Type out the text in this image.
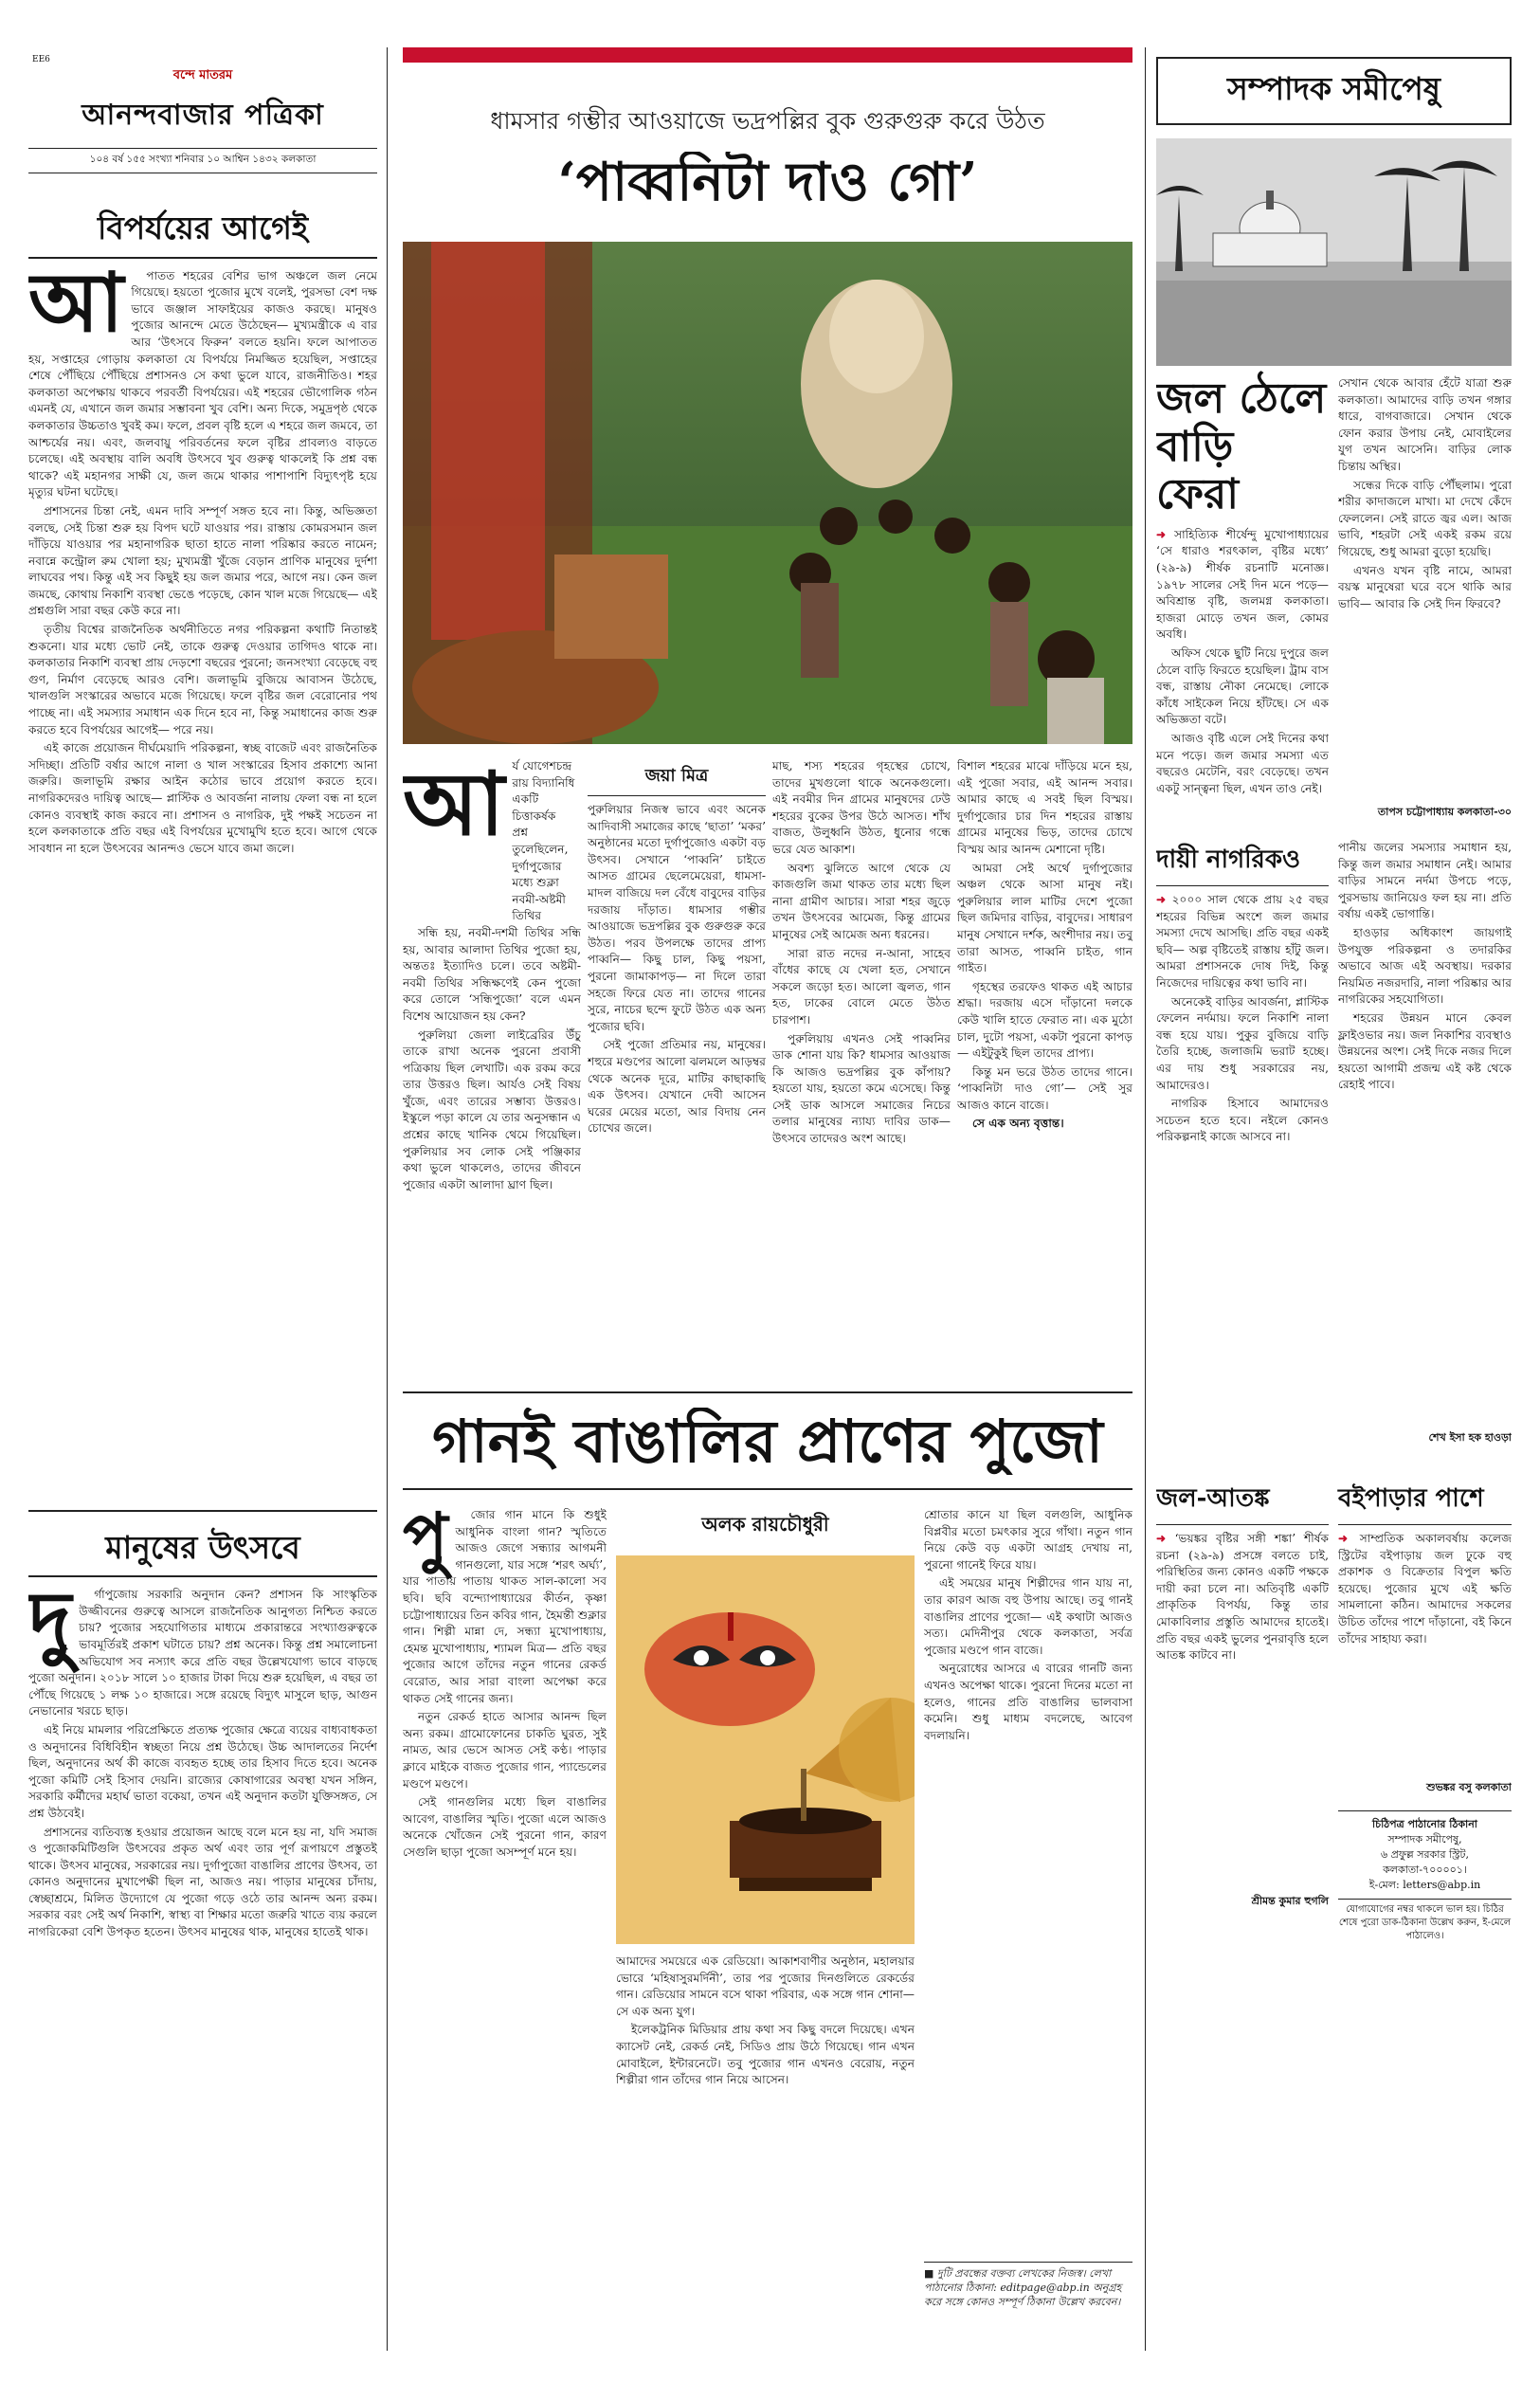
EE6
বন্দে মাতরম
আনন্দবাজার পত্রিকা
১০৪ বর্ষ ১৫৫ সংখ্যা শনিবার ১০ আশ্বিন ১৪৩২ কলকাতা
বিপর্যয়ের আগেই
আ	পাতত শহরের বেশির ভাগ অঞ্চলে জল নেমে গিয়েছে। হয়তো পুজোর মুখে বলেই, পুরসভা বেশ দক্ষ ভাবে জঞ্জাল সাফাইয়ের কাজও করছে। মানুষও পুজোর আনন্দে মেতে উঠেছেন— মুখ্যমন্ত্রীকে এ বার আর ‘উৎসবে ফিরুন’ বলতে হয়নি। ফলে আপাতত হয়, সপ্তাহের গোড়ায় কলকাতা যে বিপর্যয়ে নিমজ্জিত হয়েছিল, সপ্তাহের শেষে পৌঁছিয়ে পৌঁছিয়ে প্রশাসনও সে কথা ভুলে যাবে, রাজনীতিও। শহর কলকাতা অপেক্ষায় থাকবে পরবর্তী বিপর্যয়ের। এই শহরের ভৌগোলিক গঠন এমনই যে, এখানে জল জমার সম্ভাবনা খুব বেশি। অন্য দিকে, সমুদ্রপৃষ্ঠ থেকে কলকাতার উচ্চতাও খুবই কম। ফলে, প্রবল বৃষ্টি হলে এ শহরে জল জমবে, তা আশ্চর্যের নয়। এবং, জলবায়ু পরিবর্তনের ফলে বৃষ্টির প্রাবল্যও বাড়তে চলেছে। এই অবস্থায় বালি অবধি উৎসবে খুব গুরুত্ব থাকলেই কি প্রশ্ন বন্ধ থাকে? এই মহানগর সাক্ষী যে, জল জমে থাকার পাশাপাশি বিদ্যুৎপৃষ্ট হয়ে মৃত্যুর ঘটনা ঘটেছে।

প্রশাসনের চিন্তা নেই, এমন দাবি সম্পূর্ণ সঙ্গত হবে না। কিন্তু, অভিজ্ঞতা বলছে, সেই চিন্তা শুরু হয় বিপদ ঘটে যাওয়ার পর। রাস্তায় কোমরসমান জল দাঁড়িয়ে যাওয়ার পর মহানাগরিক ছাতা হাতে নালা পরিষ্কার করতে নামেন; নবান্নে কন্ট্রোল রুম খোলা হয়; মুখ্যমন্ত্রী খুঁজে বেড়ান প্রাণিক মানুষের দুর্দশা লাঘবের পথ। কিন্তু এই সব কিছুই হয় জল জমার পরে, আগে নয়। কেন জল জমছে, কোথায় নিকাশি ব্যবস্থা ভেঙে পড়েছে, কোন খাল মজে গিয়েছে— এই প্রশ্নগুলি সারা বছর কেউ করে না।

তৃতীয় বিশ্বের রাজনৈতিক অর্থনীতিতে নগর পরিকল্পনা কথাটি নিতান্তই শুকনো। যার মধ্যে ভোট নেই, তাকে গুরুত্ব দেওয়ার তাগিদও থাকে না। কলকাতার নিকাশি ব্যবস্থা প্রায় দেড়শো বছরের পুরনো; জনসংখ্যা বেড়েছে বহু গুণ, নির্মাণ বেড়েছে আরও বেশি। জলাভূমি বুজিয়ে আবাসন উঠেছে, খালগুলি সংস্কারের অভাবে মজে গিয়েছে। ফলে বৃষ্টির জল বেরোনোর পথ পাচ্ছে না। এই সমস্যার সমাধান এক দিনে হবে না, কিন্তু সমাধানের কাজ শুরু করতে হবে বিপর্যয়ের আগেই— পরে নয়।

এই কাজে প্রয়োজন দীর্ঘমেয়াদি পরিকল্পনা, স্বচ্ছ বাজেট এবং রাজনৈতিক সদিচ্ছা। প্রতিটি বর্ষার আগে নালা ও খাল সংস্কারের হিসাব প্রকাশ্যে আনা জরুরি। জলাভূমি রক্ষার আইন কঠোর ভাবে প্রয়োগ করতে হবে। নাগরিকদেরও দায়িত্ব আছে— প্লাস্টিক ও আবর্জনা নালায় ফেলা বন্ধ না হলে কোনও ব্যবস্থাই কাজ করবে না। প্রশাসন ও নাগরিক, দুই পক্ষই সচেতন না হলে কলকাতাকে প্রতি বছর এই বিপর্যয়ের মুখোমুখি হতে হবে। আগে থেকে সাবধান না হলে উৎসবের আনন্দও ভেসে যাবে জমা জলে।

মানুষের উৎসবে
দু	র্গাপুজোয় সরকারি অনুদান কেন? প্রশাসন কি সাংস্কৃতিক উজ্জীবনের গুরুত্বে আসলে রাজনৈতিক আনুগত্য নিশ্চিত করতে চায়? পুজোর সহযোগিতার মাধ্যমে প্রকারান্তরে সংখ্যাগুরুত্বকে ভাবমূর্তিরই প্রকাশ ঘটাতে চায়? প্রশ্ন অনেক। কিন্তু প্রশ্ন সমালোচনা অভিযোগ সব নস্যাৎ করে প্রতি বছর উল্লেখযোগ্য ভাবে বাড়ছে পুজো অনুদান। ২০১৮ সালে ১০ হাজার টাকা দিয়ে শুরু হয়েছিল, এ বছর তা পৌঁছে গিয়েছে ১ লক্ষ ১০ হাজারে। সঙ্গে রয়েছে বিদ্যুৎ মাসুলে ছাড়, আগুন নেভানোর খরচে ছাড়।

এই নিয়ে মামলার পরিপ্রেক্ষিতে প্রত্যক্ষ পুজোর ক্ষেত্রে ব্যয়ের বাধ্যবাধকতা ও অনুদানের বিধিবিহীন স্বচ্ছতা নিয়ে প্রশ্ন উঠেছে। উচ্চ আদালতের নির্দেশ ছিল, অনুদানের অর্থ কী কাজে ব্যবহৃত হচ্ছে তার হিসাব দিতে হবে। অনেক পুজো কমিটি সেই হিসাব দেয়নি। রাজ্যের কোষাগারের অবস্থা যখন সঙ্গিন, সরকারি কর্মীদের মহার্ঘ ভাতা বকেয়া, তখন এই অনুদান কতটা যুক্তিসঙ্গত, সে প্রশ্ন উঠবেই।

প্রশাসনের ব্যতিব্যস্ত হওয়ার প্রয়োজন আছে বলে মনে হয় না, যদি সমাজ ও পুজোকমিটিগুলি উৎসবের প্রকৃত অর্থ এবং তার পূর্ণ রূপায়ণে প্রস্তুতই থাকে। উৎসব মানুষের, সরকারের নয়। দুর্গাপুজো বাঙালির প্রাণের উৎসব, তা কোনও অনুদানের মুখাপেক্ষী ছিল না, আজও নয়। পাড়ার মানুষের চাঁদায়, স্বেচ্ছাশ্রমে, মিলিত উদ্যোগে যে পুজো গড়ে ওঠে তার আনন্দ অন্য রকম। সরকার বরং সেই অর্থ নিকাশি, স্বাস্থ্য বা শিক্ষার মতো জরুরি খাতে ব্যয় করলে নাগরিকেরা বেশি উপকৃত হতেন। উৎসব মানুষের থাক, মানুষের হাতেই থাক।

ধামসার গম্ভীর আওয়াজে ভদ্রপল্লির বুক গুরুগুরু করে উঠত
‘পাব্বনিটা দাও গো’
আ র্য যোগেশচন্দ্র
রায় বিদ্যানিধি
একটি চিত্তাকর্ষক
প্রশ্ন তুলেছিলেন,
দুর্গাপুজোর মধ্যে শুক্লা
নবমী-অষ্টমী তিথির

সন্ধি হয়, নবমী-দশমী তিথির সন্ধি হয়, আবার আলাদা তিথির পুজো হয়, অন্ততঃ ইত্যাদিও চলে। তবে অষ্টমী-নবমী তিথির সন্ধিক্ষণেই কেন পুজো করে তোলে ‘সন্ধিপুজো’ বলে এমন বিশেষ আয়োজন হয় কেন?

পুরুলিয়া জেলা লাইব্রেরির উঁচু তাকে রাখা অনেক পুরনো প্রবাসী পত্রিকায় ছিল লেখাটি। এক রকম করে তার উত্তরও ছিল। আর্যও সেই বিষয় খুঁজে, এবং তারের সম্ভাব্য উত্তরও। ইস্কুলে পড়া কালে যে তার অনুসন্ধান এ প্রশ্নের কাছে খানিক থেমে গিয়েছিল। পুরুলিয়ার সব লোক সেই পঞ্জিকার কথা ভুলে থাকলেও, তাদের জীবনে পুজোর একটা আলাদা ঘ্রাণ ছিল।

জয়া মিত্র

পুরুলিয়ার নিজস্ব ভাবে এবং অনেক আদিবাসী সমাজের কাছে ‘ছাতা’ ‘মকর’ অনুষ্ঠানের মতো দুর্গাপুজোও একটা বড় উৎসব। সেখানে ‘পাব্বনি’ চাইতে আসত গ্রামের ছেলেমেয়েরা, ধামসা-মাদল বাজিয়ে দল বেঁধে বাবুদের বাড়ির দরজায় দাঁড়াত। ধামসার গম্ভীর আওয়াজে ভদ্রপল্লির বুক গুরুগুরু করে উঠত। পরব উপলক্ষে তাদের প্রাপ্য পাব্বনি— কিছু চাল, কিছু পয়সা, পুরনো জামাকাপড়— না দিলে তারা সহজে ফিরে যেত না। তাদের গানের সুরে, নাচের ছন্দে ফুটে উঠত এক অন্য পুজোর ছবি।

সেই পুজো প্রতিমার নয়, মানুষের। শহুরে মণ্ডপের আলো ঝলমলে আড়ম্বর থেকে অনেক দূরে, মাটির কাছাকাছি এক উৎসব। যেখানে দেবী আসেন ঘরের মেয়ের মতো, আর বিদায় নেন চোখের জলে।

মাছ, শস্য শহরের গৃহস্থের চোখে, তাদের মুখগুলো থাকে অনেকগুলো। এই নবমীর দিন গ্রামের মানুষদের ঢেউ শহরের বুকের উপর উঠে আসত। শাঁখ বাজত, উলুধ্বনি উঠত, ধুনোর গন্ধে ভরে যেত আকাশ।

অবশ্য ঝুলিতে আগে থেকে যে কাজগুলি জমা থাকত তার মধ্যে ছিল নানা গ্রামীণ আচার। সারা শহর জুড়ে তখন উৎসবের আমেজ, কিন্তু গ্রামের মানুষের সেই আমেজ অন্য ধরনের।

সারা রাত নদের ন-আনা, সাহেব বাঁধের কাছে যে খেলা হত, সেখানে সকলে জড়ো হত। আলো জ্বলত, গান হত, ঢাকের বোলে মেতে উঠত চারপাশ।

পুরুলিয়ায় এখনও সেই পাব্বনির ডাক শোনা যায় কি? ধামসার আওয়াজ কি আজও ভদ্রপল্লির বুক কাঁপায়? হয়তো যায়, হয়তো কমে এসেছে। কিন্তু সেই ডাক আসলে সমাজের নিচের তলার মানুষের ন্যায্য দাবির ডাক— উৎসবে তাদেরও অংশ আছে।

বিশাল শহরের মাঝে দাঁড়িয়ে মনে হয়, এই পুজো সবার, এই আনন্দ সবার। আমার কাছে এ সবই ছিল বিস্ময়। দুর্গাপুজোর চার দিন শহরের রাস্তায় গ্রামের মানুষের ভিড়, তাদের চোখে বিস্ময় আর আনন্দ মেশানো দৃষ্টি।

আমরা সেই অর্থে দুর্গাপুজোর অঞ্চল থেকে আসা মানুষ নই। পুরুলিয়ার লাল মাটির দেশে পুজো ছিল জমিদার বাড়ির, বাবুদের। সাধারণ মানুষ সেখানে দর্শক, অংশীদার নয়। তবু তারা আসত, পাব্বনি চাইত, গান গাইত।

গৃহস্থের তরফেও থাকত এই আচার শ্রদ্ধা। দরজায় এসে দাঁড়ানো দলকে কেউ খালি হাতে ফেরাত না। এক মুঠো চাল, দুটো পয়সা, একটা পুরনো কাপড়— এইটুকুই ছিল তাদের প্রাপ্য।

কিন্তু মন ভরে উঠত তাদের গানে। ‘পাব্বনিটা দাও গো’— সেই সুর আজও কানে বাজে।

সে এক অন্য বৃত্তান্ত।

গানই বাঙালির প্রাণের পুজো
পু	জোর গান মানে কি শুধুই আধুনিক বাংলা গান? স্মৃতিতে আজও জেগে সন্ধ্যার আগমনী গানগুলো, যার সঙ্গে ‘শরৎ অর্ঘ্য’, যার পাতায় পাতায় থাকত সাল-কালো সব ছবি। ছবি বন্দ্যোপাধ্যায়ের কীর্তন, কৃষ্ণা চট্টোপাধ্যায়ের তিন কবির গান, হৈমন্তী শুক্লার গান। শিল্পী মান্না দে, সন্ধ্যা মুখোপাধ্যায়, হেমন্ত মুখোপাধ্যায়, শ্যামল মিত্র— প্রতি বছর পুজোর আগে তাঁদের নতুন গানের রেকর্ড বেরোত, আর সারা বাংলা অপেক্ষা করে থাকত সেই গানের জন্য।

নতুন রেকর্ড হাতে আসার আনন্দ ছিল অন্য রকম। গ্রামোফোনের চাকতি ঘুরত, সুই নামত, আর ভেসে আসত সেই কণ্ঠ। পাড়ার ক্লাবে মাইকে বাজত পুজোর গান, প্যান্ডেলের মণ্ডপে মণ্ডপে।

সেই গানগুলির মধ্যে ছিল বাঙালির আবেগ, বাঙালির স্মৃতি। পুজো এলে আজও অনেকে খোঁজেন সেই পুরনো গান, কারণ সেগুলি ছাড়া পুজো অসম্পূর্ণ মনে হয়।

অলক রায়চৌধুরী

আমাদের সময়েরে এক রেডিয়ো। আকাশবাণীর অনুষ্ঠান, মহালয়ার ভোরে ‘মহিষাসুরমর্দিনী’, তার পর পুজোর দিনগুলিতে রেকর্ডের গান। রেডিয়োর সামনে বসে থাকা পরিবার, এক সঙ্গে গান শোনা— সে এক অন্য যুগ।

ইলেকট্রনিক মিডিয়ার প্রায় কথা সব কিছু বদলে দিয়েছে। এখন ক্যাসেট নেই, রেকর্ড নেই, সিডিও প্রায় উঠে গিয়েছে। গান এখন মোবাইলে, ইন্টারনেটে। তবু পুজোর গান এখনও বেরোয়, নতুন শিল্পীরা গান তাঁদের গান নিয়ে আসেন।

শ্রোতার কানে যা ছিল বলগুলি, আধুনিক বিপ্লবীর মতো চমৎকার সুরে গাঁথা। নতুন গান নিয়ে কেউ বড় একটা আগ্রহ দেখায় না, পুরনো গানেই ফিরে যায়।

এই সময়ের মানুষ শিল্পীদের গান যায় না, তার কারণ আজ বহু উপায় আছে। তবু গানই বাঙালির প্রাণের পুজো— এই কথাটা আজও সত্য। মেদিনীপুর থেকে কলকাতা, সর্বত্র পুজোর মণ্ডপে গান বাজে।

অনুরোধের আসরে এ বারের গানটি জন্য এখনও অপেক্ষা থাকে। পুরনো দিনের মতো না হলেও, গানের প্রতি বাঙালির ভালবাসা কমেনি। শুধু মাধ্যম বদলেছে, আবেগ বদলায়নি।

■ দুটি প্রবন্ধের বক্তব্য লেখকের নিজস্ব। লেখা পাঠানোর ঠিকানা: editpage@abp.in অনুগ্রহ করে সঙ্গে কোনও সম্পূর্ণ ঠিকানা উল্লেখ করবেন।
সম্পাদক সমীপেষু
জল ঠেলে বাড়ি ফেরা

➜ সাহিত্যিক শীর্ষেন্দু মুখোপাধ্যায়ের ‘সে ধারাও শরৎকাল, বৃষ্টির মধ্যে’ (২৯-৯) শীর্ষক রচনাটি মনোজ্ঞ। ১৯৭৮ সালের সেই দিন মনে পড়ে— অবিশ্রান্ত বৃষ্টি, জলমগ্ন কলকাতা। হাজরা মোড়ে তখন জল, কোমর অবধি।

অফিস থেকে ছুটি নিয়ে দুপুরে জল ঠেলে বাড়ি ফিরতে হয়েছিল। ট্রাম বাস বন্ধ, রাস্তায় নৌকা নেমেছে। লোকে কাঁধে সাইকেল নিয়ে হাঁটছে। সে এক অভিজ্ঞতা বটে।

আজও বৃষ্টি এলে সেই দিনের কথা মনে পড়ে। জল জমার সমস্যা এত বছরেও মেটেনি, বরং বেড়েছে। তখন একটু সান্ত্বনা ছিল, এখন তাও নেই।

সেখান থেকে আবার হেঁটে যাত্রা শুরু কলকাতা। আমাদের বাড়ি তখন গঙ্গার ধারে, বাগবাজারে। সেখান থেকে ফোন করার উপায় নেই, মোবাইলের যুগ তখন আসেনি। বাড়ির লোক চিন্তায় অস্থির।

সন্ধের দিকে বাড়ি পৌঁছলাম। পুরো শরীর কাদাজলে মাখা। মা দেখে কেঁদে ফেললেন। সেই রাতে জ্বর এল। আজ ভাবি, শহরটা সেই একই রকম রয়ে গিয়েছে, শুধু আমরা বুড়ো হয়েছি।

এখনও যখন বৃষ্টি নামে, আমরা বয়স্ক মানুষেরা ঘরে বসে থাকি আর ভাবি— আবার কি সেই দিন ফিরবে?

তাপস চট্টোপাধ্যায় কলকাতা-৩০
দায়ী নাগরিকও

➜ ২০০০ সাল থেকে প্রায় ২৫ বছর শহরের বিভিন্ন অংশে জল জমার সমস্যা দেখে আসছি। প্রতি বছর একই ছবি— অল্প বৃষ্টিতেই রাস্তায় হাঁটু জল। আমরা প্রশাসনকে দোষ দিই, কিন্তু নিজেদের দায়িত্বের কথা ভাবি না।

অনেকেই বাড়ির আবর্জনা, প্লাস্টিক ফেলেন নর্দমায়। ফলে নিকাশি নালা বন্ধ হয়ে যায়। পুকুর বুজিয়ে বাড়ি তৈরি হচ্ছে, জলাজমি ভরাট হচ্ছে। এর দায় শুধু সরকারের নয়, আমাদেরও।

নাগরিক হিসাবে আমাদেরও সচেতন হতে হবে। নইলে কোনও পরিকল্পনাই কাজে আসবে না।

পানীয় জলের সমস্যার সমাধান হয়, কিন্তু জল জমার সমাধান নেই। আমার বাড়ির সামনে নর্দমা উপচে পড়ে, পুরসভায় জানিয়েও ফল হয় না। প্রতি বর্ষায় একই ভোগান্তি।

হাওড়ার অধিকাংশ জায়গাই উপযুক্ত পরিকল্পনা ও তদারকির অভাবে আজ এই অবস্থায়। দরকার নিয়মিত নজরদারি, নালা পরিষ্কার আর নাগরিকের সহযোগিতা।

শহরের উন্নয়ন মানে কেবল ফ্লাইওভার নয়। জল নিকাশির ব্যবস্থাও উন্নয়নের অংশ। সেই দিকে নজর দিলে হয়তো আগামী প্রজন্ম এই কষ্ট থেকে রেহাই পাবে।

শেখ ইসা হক হাওড়া
জল-আতঙ্ক

➜ ‘ভয়ঙ্কর বৃষ্টির সঙ্গী শঙ্কা’ শীর্ষক রচনা (২৯-৯) প্রসঙ্গে বলতে চাই, পরিস্থিতির জন্য কোনও একটি পক্ষকে দায়ী করা চলে না। অতিবৃষ্টি একটি প্রাকৃতিক বিপর্যয়, কিন্তু তার মোকাবিলার প্রস্তুতি আমাদের হাতেই। প্রতি বছর একই ভুলের পুনরাবৃত্তি হলে আতঙ্ক কাটবে না।

শ্রীমন্ত কুমার হুগলি
বইপাড়ার পাশে

➜ সাম্প্রতিক অকালবর্ষায় কলেজ স্ট্রিটের বইপাড়ায় জল ঢুকে বহু প্রকাশক ও বিক্রেতার বিপুল ক্ষতি হয়েছে। পুজোর মুখে এই ক্ষতি সামলানো কঠিন। আমাদের সকলের উচিত তাঁদের পাশে দাঁড়ানো, বই কিনে তাঁদের সাহায্য করা।

শুভঙ্কর বসু কলকাতা
চিঠিপত্র পাঠানোর ঠিকানা
সম্পাদক সমীপেষু,
৬ প্রফুল্ল সরকার স্ট্রিট,
কলকাতা-৭০০০০১।
ই-মেল: letters@abp.in
যোগাযোগের নম্বর থাকলে ভাল হয়। চিঠির শেষে পুরো ডাক-ঠিকানা উল্লেখ করুন, ই-মেলে পাঠালেও।
